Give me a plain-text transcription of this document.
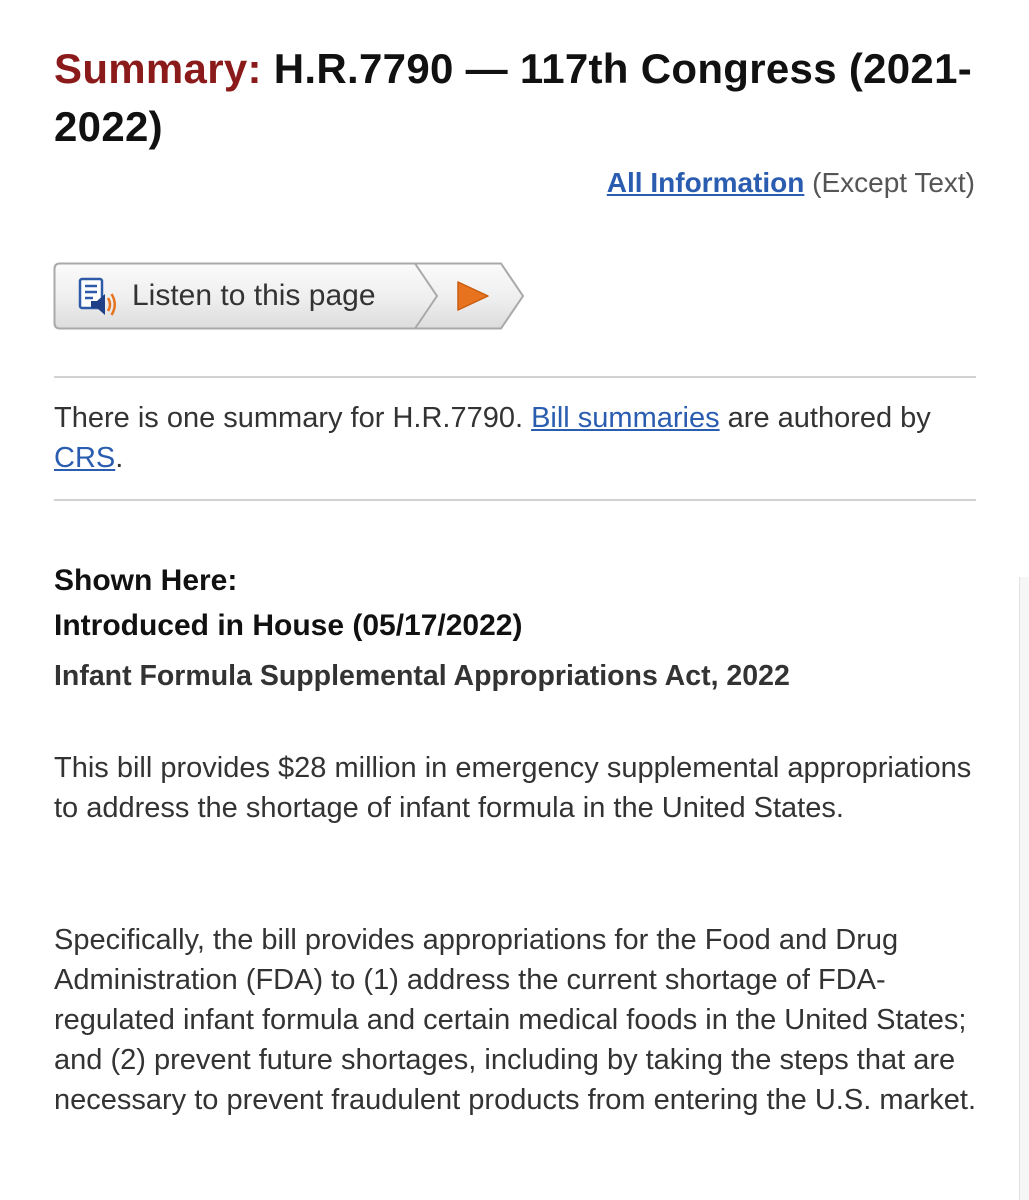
Summary: H.R.7790 — 117th Congress (2021-2022)
All Information (Except Text)
Listen to this page

There is one summary for H.R.7790. Bill summaries are authored by CRS.

Shown Here:
Introduced in House (05/17/2022)
Infant Formula Supplemental Appropriations Act, 2022

This bill provides $28 million in emergency supplemental appropriations to address the shortage of infant formula in the United States.

Specifically, the bill provides appropriations for the Food and Drug Administration (FDA) to (1) address the current shortage of FDA-regulated infant formula and certain medical foods in the United States; and (2) prevent future shortages, including by taking the steps that are necessary to prevent fraudulent products from entering the U.S. market.
